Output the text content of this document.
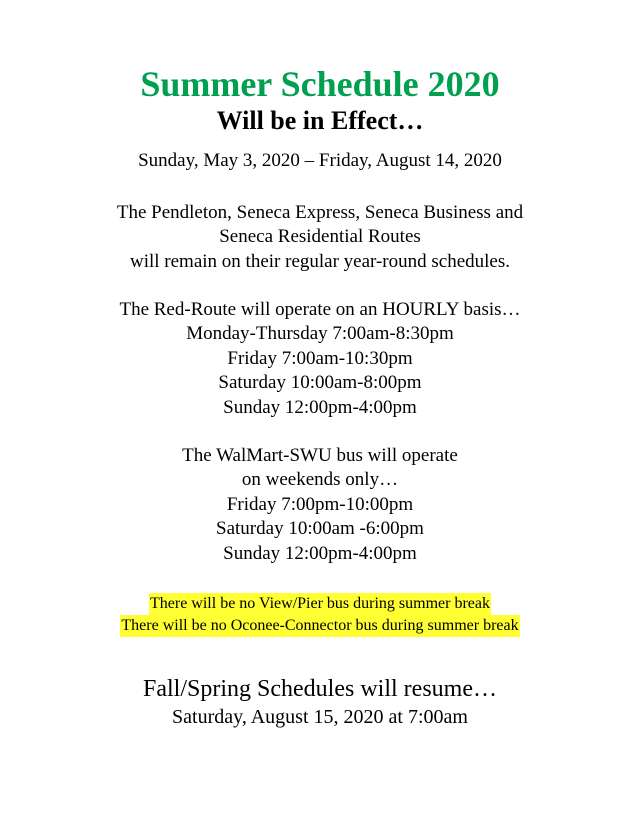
Summer Schedule 2020
Will be in Effect…
Sunday, May 3, 2020 – Friday, August 14, 2020
The Pendleton, Seneca Express, Seneca Business and
Seneca Residential Routes
will remain on their regular year-round schedules.
The Red-Route will operate on an HOURLY basis…
Monday-Thursday 7:00am-8:30pm
Friday 7:00am-10:30pm
Saturday 10:00am-8:00pm
Sunday 12:00pm-4:00pm
The WalMart-SWU bus will operate
on weekends only…
Friday 7:00pm-10:00pm
Saturday 10:00am -6:00pm
Sunday 12:00pm-4:00pm
There will be no View/Pier bus during summer break
There will be no Oconee-Connector bus during summer break
Fall/Spring Schedules will resume…
Saturday, August 15, 2020 at 7:00am
